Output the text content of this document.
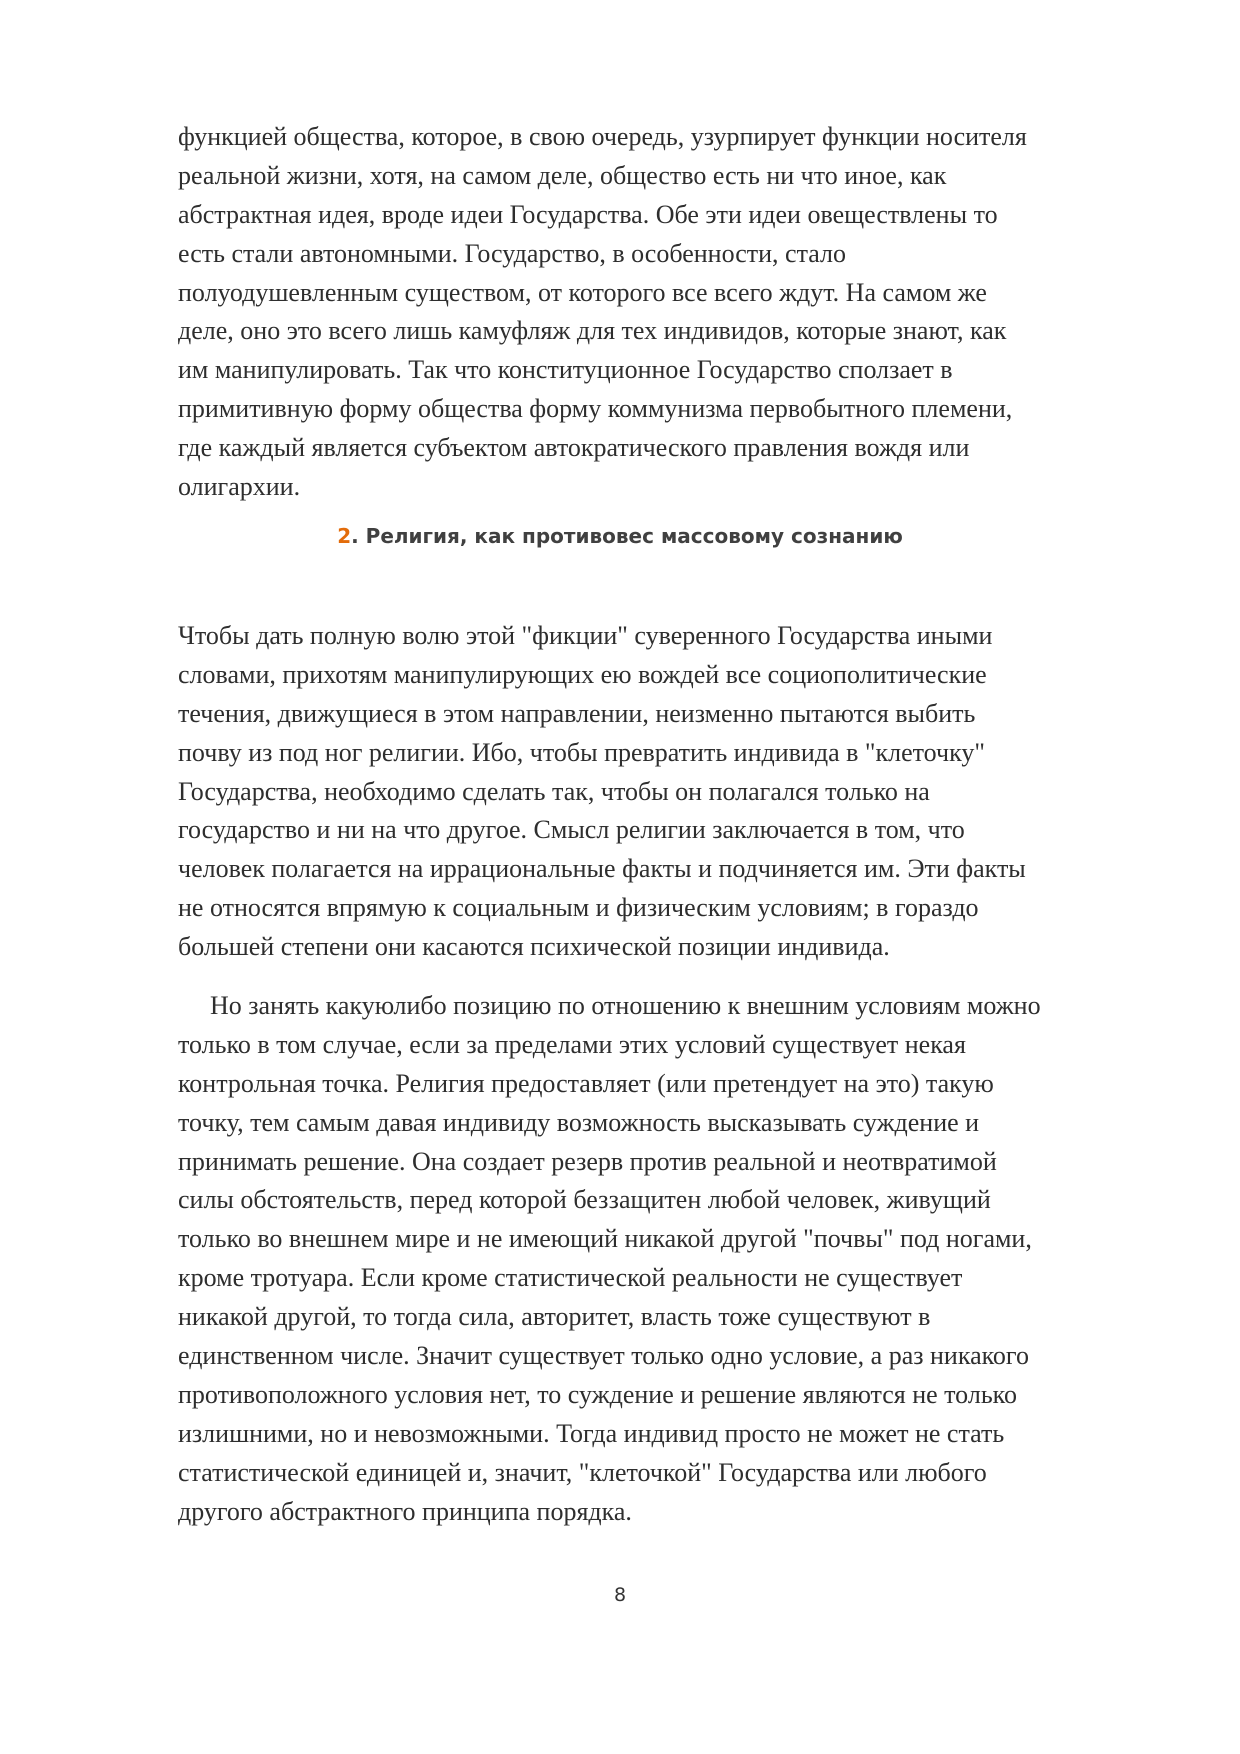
функцией общества, которое, в свою очередь, узурпирует функции носителя
реальной жизни, хотя, на самом деле, общество есть ни что иное, как
абстрактная идея, вроде идеи Государства. Обе эти идеи овеществлены то
есть стали автономными. Государство, в особенности, стало
полуодушевленным существом, от которого все всего ждут. На самом же
деле, оно это всего лишь камуфляж для тех индивидов, которые знают, как
им манипулировать. Так что конституционное Государство сползает в
примитивную форму общества форму коммунизма первобытного племени,
где каждый является субъектом автократического правления вождя или
олигархии.
2. Религия, как противовес массовому сознанию
Чтобы дать полную волю этой "фикции" суверенного Государства иными
словами, прихотям манипулирующих ею вождей все социополитические
течения, движущиеся в этом направлении, неизменно пытаются выбить
почву из под ног религии. Ибо, чтобы превратить индивида в "клеточку"
Государства, необходимо сделать так, чтобы он полагался только на
государство и ни на что другое. Смысл религии заключается в том, что
человек полагается на иррациональные факты и подчиняется им. Эти факты
не относятся впрямую к социальным и физическим условиям; в гораздо
большей степени они касаются психической позиции индивида.
Но занять какуюлибо позицию по отношению к внешним условиям можно
только в том случае, если за пределами этих условий существует некая
контрольная точка. Религия предоставляет (или претендует на это) такую
точку, тем самым давая индивиду возможность высказывать суждение и
принимать решение. Она создает резерв против реальной и неотвратимой
силы обстоятельств, перед которой беззащитен любой человек, живущий
только во внешнем мире и не имеющий никакой другой "почвы" под ногами,
кроме тротуара. Если кроме статистической реальности не существует
никакой другой, то тогда сила, авторитет, власть тоже существуют в
единственном числе. Значит существует только одно условие, а раз никакого
противоположного условия нет, то суждение и решение являются не только
излишними, но и невозможными. Тогда индивид просто не может не стать
статистической единицей и, значит, "клеточкой" Государства или любого
другого абстрактного принципа порядка.
8
